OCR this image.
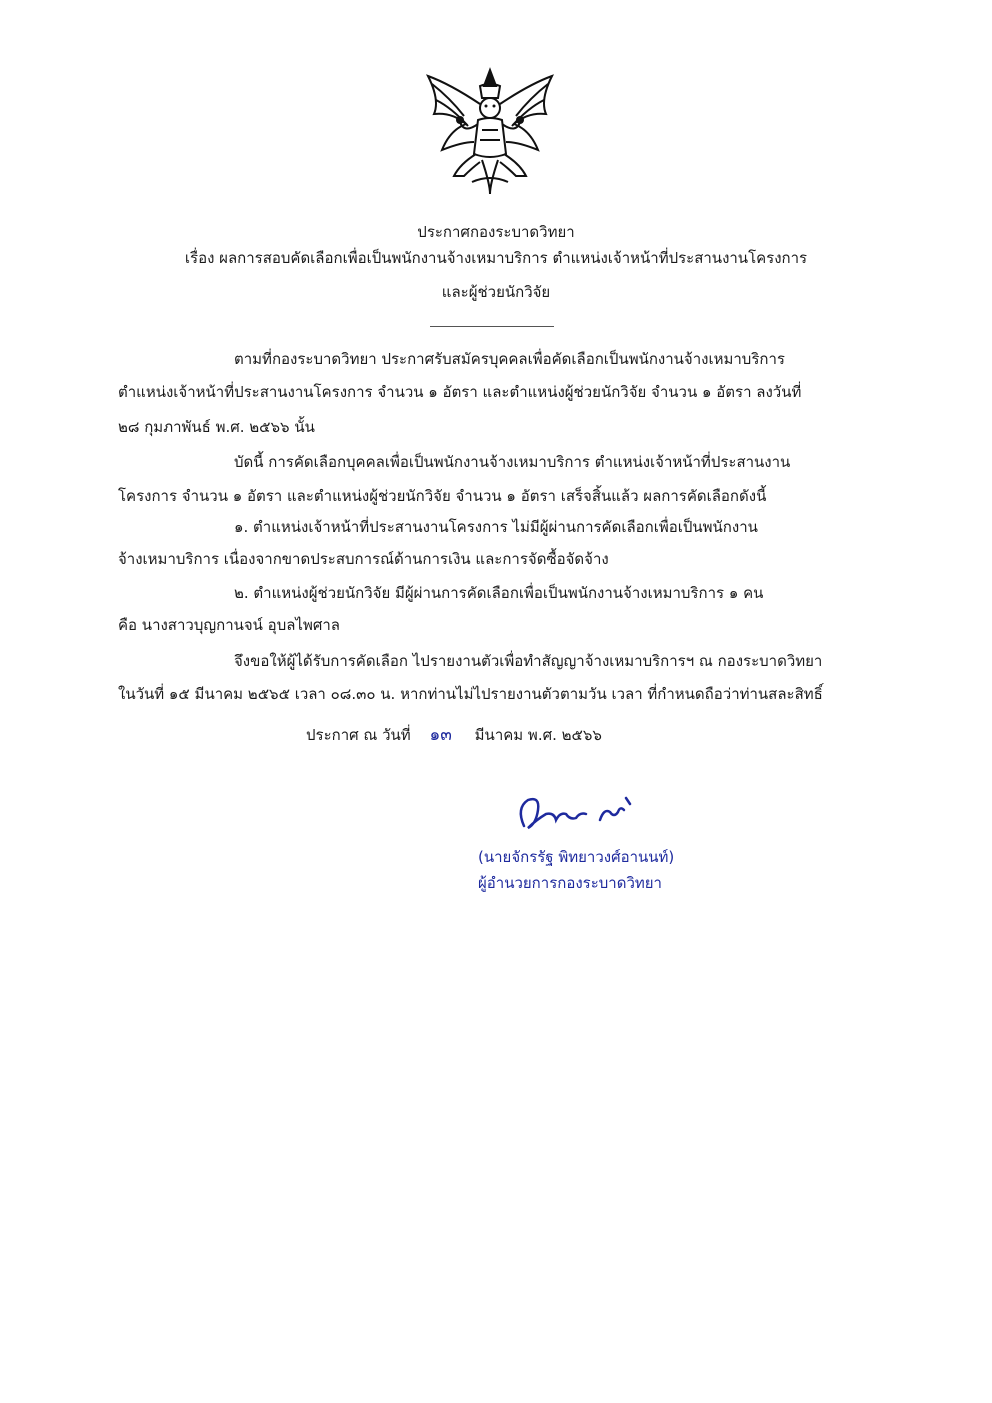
ประกาศกองระบาดวิทยา
เรื่อง ผลการสอบคัดเลือกเพื่อเป็นพนักงานจ้างเหมาบริการ ตำแหน่งเจ้าหน้าที่ประสานงานโครงการ
และผู้ช่วยนักวิจัย
ตามที่กองระบาดวิทยา ประกาศรับสมัครบุคคลเพื่อคัดเลือกเป็นพนักงานจ้างเหมาบริการ
ตำแหน่งเจ้าหน้าที่ประสานงานโครงการ จำนวน ๑ อัตรา และตำแหน่งผู้ช่วยนักวิจัย จำนวน ๑ อัตรา ลงวันที่
๒๘ กุมภาพันธ์ พ.ศ. ๒๕๖๖ นั้น
บัดนี้ การคัดเลือกบุคคลเพื่อเป็นพนักงานจ้างเหมาบริการ ตำแหน่งเจ้าหน้าที่ประสานงาน
โครงการ จำนวน ๑ อัตรา และตำแหน่งผู้ช่วยนักวิจัย จำนวน ๑ อัตรา เสร็จสิ้นแล้ว ผลการคัดเลือกดังนี้
๑. ตำแหน่งเจ้าหน้าที่ประสานงานโครงการ ไม่มีผู้ผ่านการคัดเลือกเพื่อเป็นพนักงาน
จ้างเหมาบริการ เนื่องจากขาดประสบการณ์ด้านการเงิน และการจัดซื้อจัดจ้าง
๒. ตำแหน่งผู้ช่วยนักวิจัย มีผู้ผ่านการคัดเลือกเพื่อเป็นพนักงานจ้างเหมาบริการ ๑ คน
คือ นางสาวบุญกานจน์ อุบลไพศาล
จึงขอให้ผู้ได้รับการคัดเลือก ไปรายงานตัวเพื่อทำสัญญาจ้างเหมาบริการฯ ณ กองระบาดวิทยา
ในวันที่ ๑๕ มีนาคม ๒๕๖๕ เวลา ๐๘.๓๐ น. หากท่านไม่ไปรายงานตัวตามวัน เวลา ที่กำหนดถือว่าท่านสละสิทธิ์
ประกาศ ณ วันที่ ๑๓ มีนาคม พ.ศ. ๒๕๖๖
(นายจักรรัฐ พิทยาวงศ์อานนท์)
ผู้อำนวยการกองระบาดวิทยา
